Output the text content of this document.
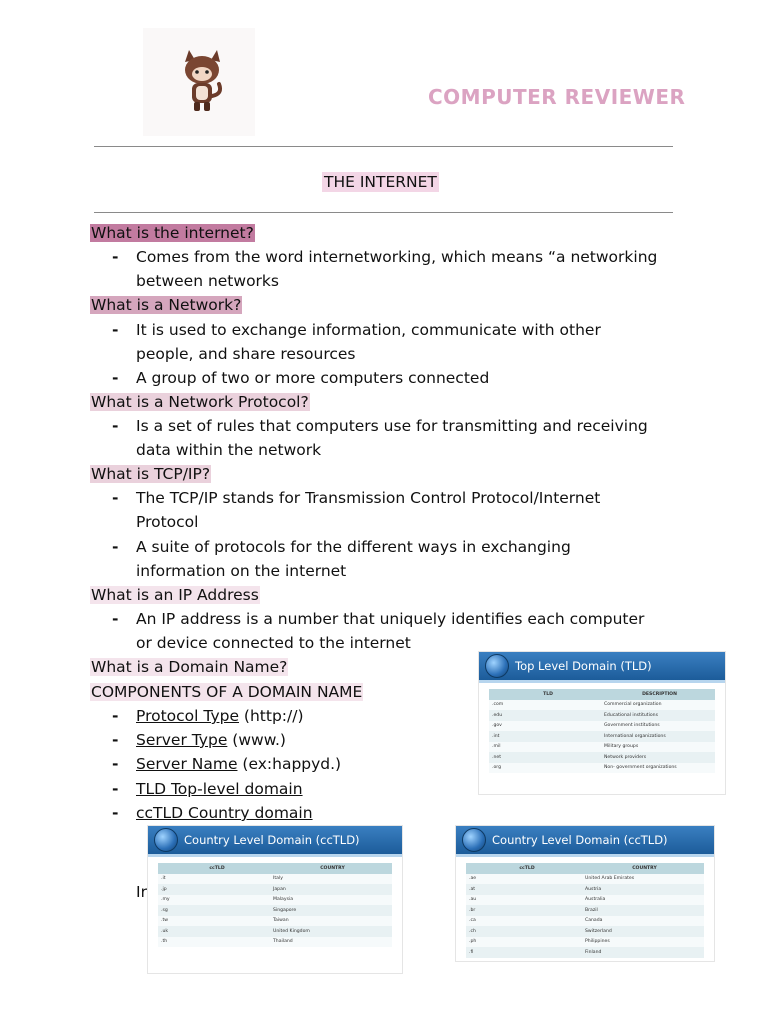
COMPUTER REVIEWER
THE INTERNET
What is the internet?
- Comes from the word internetworking, which means “a networking
between networks
What is a Network?
- It is used to exchange information, communicate with other
people, and share resources
- A group of two or more computers connected
What is a Network Protocol?
- Is a set of rules that computers use for transmitting and receiving
data within the network
What is TCP/IP?
- The TCP/IP stands for Transmission Control Protocol/Internet
Protocol
- A suite of protocols for the different ways in exchanging
information on the internet
What is an IP Address
- An IP address is a number that uniquely identifies each computer
or device connected to the internet
What is a Domain Name?
COMPONENTS OF A DOMAIN NAME
- Protocol Type (http://)
- Server Type (www.)
- Server Name (ex:happyd.)
- TLD Top-level domain
- ccTLD Country domain
Ir
Top Level Domain (TLD)
TLD	DESCRIPTION
.com	Commercial organization
.edu	Educational institutions
.gov	Government institutions
.int	International organizations
.mil	Military groups
.net	Network providers
.org	Non- government organizations
Country Level Domain (ccTLD)
ccTLD	COUNTRY
.it	Italy
.jp	Japan
.my	Malaysia
.sg	Singapore
.tw	Taiwan
.uk	United Kingdom
.th	Thailand
Country Level Domain (ccTLD)
ccTLD	COUNTRY
.ae	United Arab Emirates
.at	Austria
.au	Australia
.br	Brazil
.ca	Canada
.ch	Switzerland
.ph	Philippines
.fi	Finland
